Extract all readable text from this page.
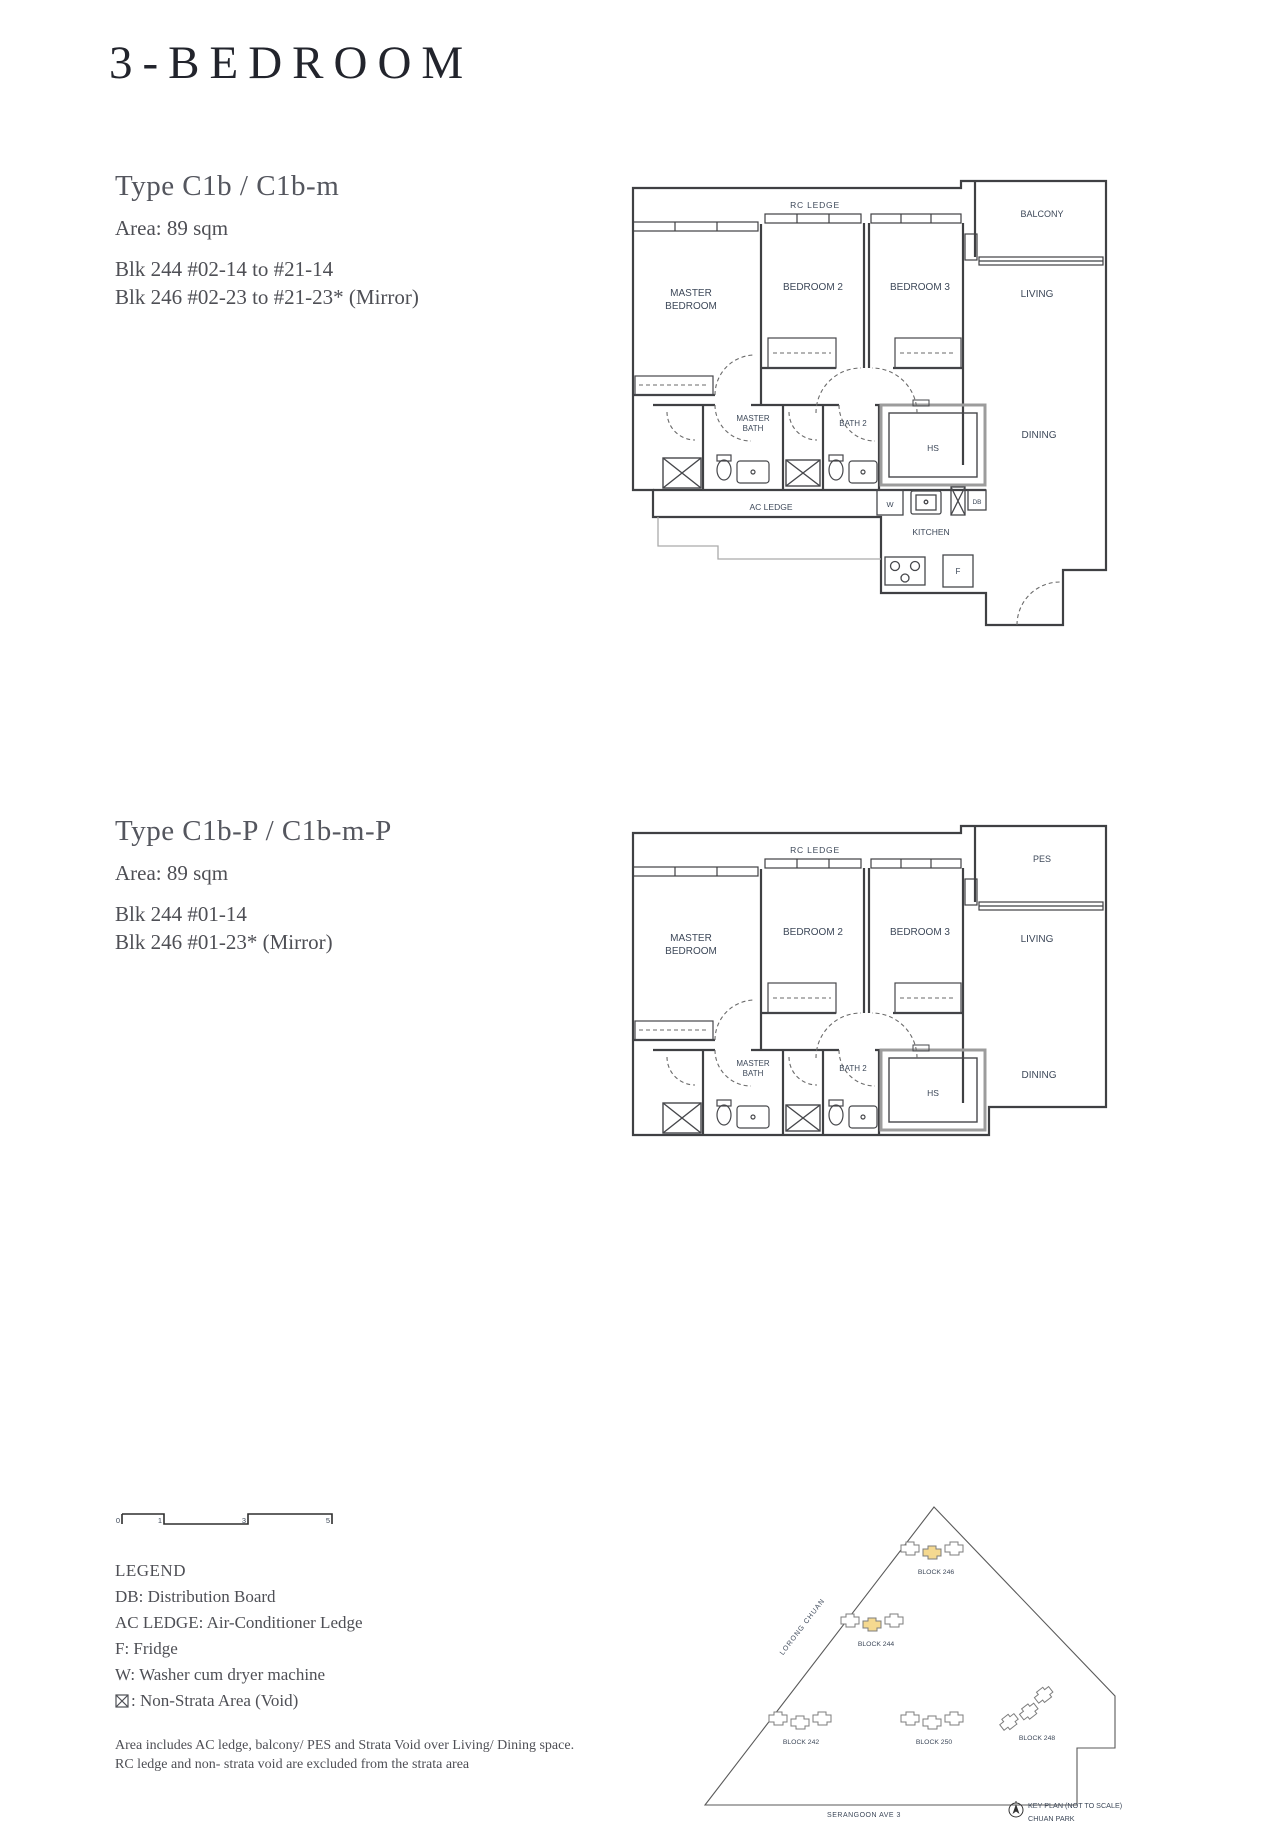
3-BEDROOM
Type C1b / C1b-m
Area: 89 sqm
Blk 244 #02-14 to #21-14
Blk 246 #02-23 to #21-23* (Mirror)
RC LEDGE
MASTER
BEDROOM
BEDROOM 2	BEDROOM 3
BALCONY
LIVING
DINING
MASTER
BATH
BATH 2
HS
AC LEDGE
KITCHEN
W	DB
F
Type C1b-P / C1b-m-P
Area: 89 sqm
Blk 244 #01-14
Blk 246 #01-23* (Mirror)
RC LEDGE
PES
MASTER
BEDROOM
BEDROOM 2	BEDROOM 3
LIVING
DINING
MASTER
BATH
BATH 2
HS
0	1	3	5
LEGEND
DB: Distribution Board
AC LEDGE: Air-Conditioner Ledge
F: Fridge
W: Washer cum dryer machine
: Non-Strata Area (Void)
Area includes AC ledge, balcony/ PES and Strata Void over Living/ Dining space.
RC ledge and non- strata void are excluded from the strata area
BLOCK 246
BLOCK 244
BLOCK 242	BLOCK 250
BLOCK 248
LORONG CHUAN
SERANGOON AVE 3
KEY PLAN (NOT TO SCALE)
CHUAN PARK
